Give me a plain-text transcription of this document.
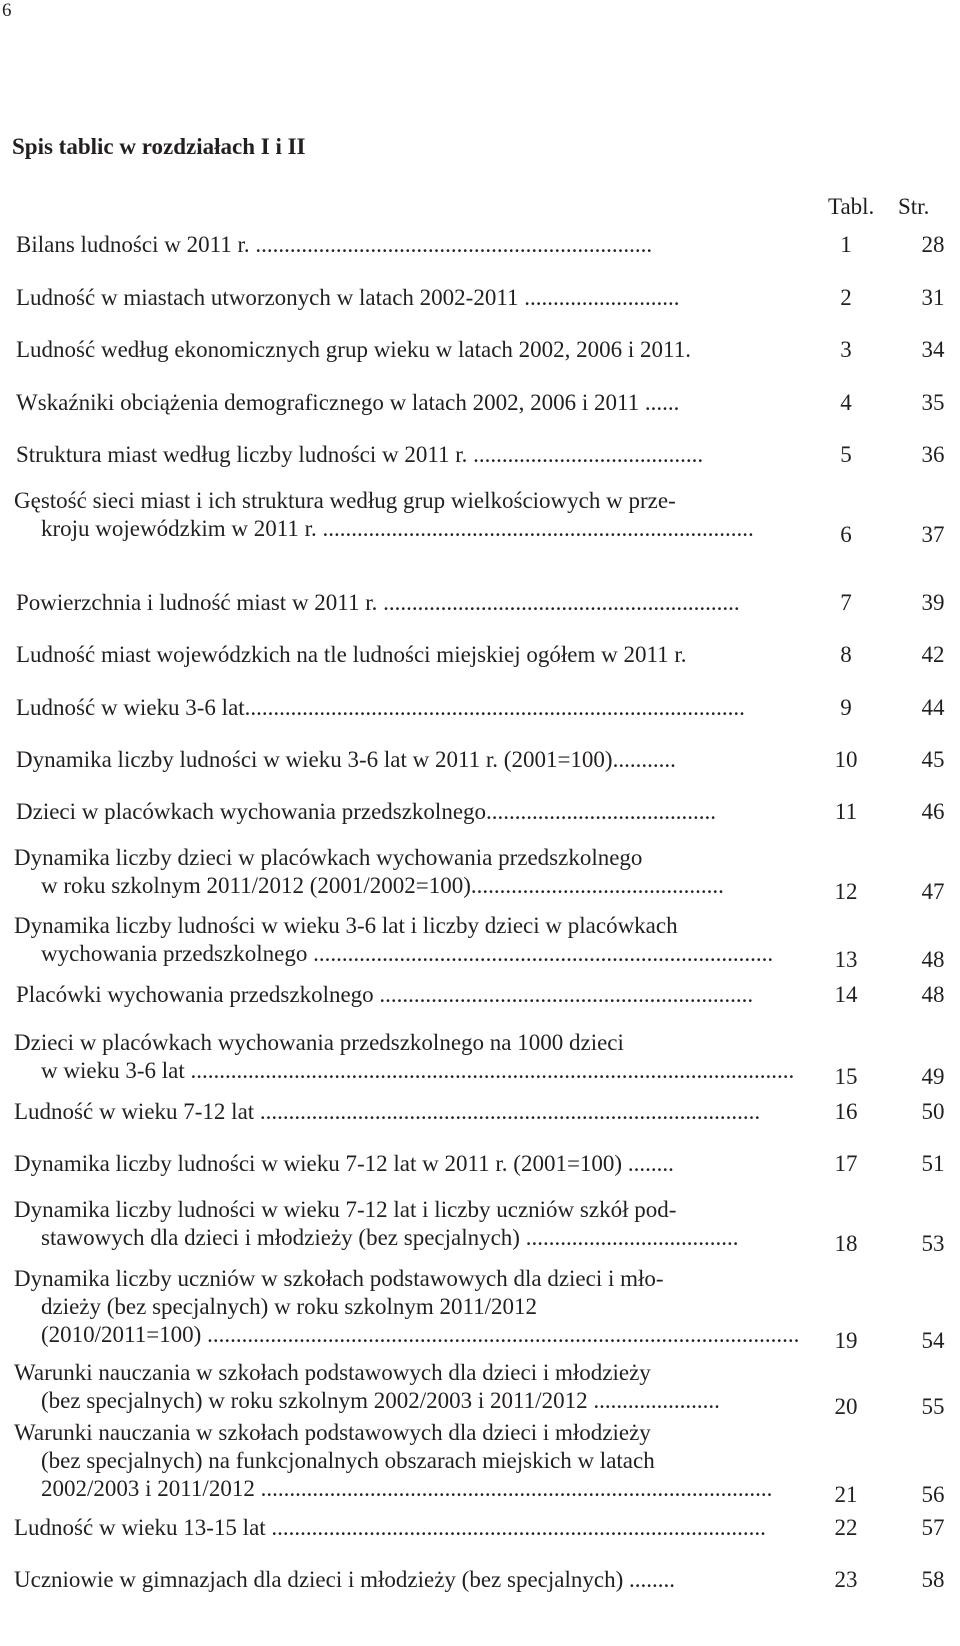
6
Spis tablic w rozdziałach I i II
Tabl. Str.
Bilans ludności w 2011 r. .....................................................................	1	28
Ludność w miastach utworzonych w latach 2002-2011 ...........................	2	31
Ludność według ekonomicznych grup wieku w latach 2002, 2006 i 2011.	3	34
Wskaźniki obciążenia demograficznego w latach 2002, 2006 i 2011 ......	4	35
Struktura miast według liczby ludności w 2011 r. ........................................	5	36
Gęstość sieci miast i ich struktura według grup wielkościowych w prze-
kroju wojewódzkim w 2011 r. ...........................................................................	6	37
Powierzchnia i ludność miast w 2011 r. ..............................................................	7	39
Ludność miast wojewódzkich na tle ludności miejskiej ogółem w 2011 r.	8	42
Ludność w wieku 3-6 lat.......................................................................................	9	44
Dynamika liczby ludności w wieku 3-6 lat w 2011 r. (2001=100)...........	10	45
Dzieci w placówkach wychowania przedszkolnego........................................	11	46
Dynamika liczby dzieci w placówkach wychowania przedszkolnego
w roku szkolnym 2011/2012 (2001/2002=100)............................................	12	47
Dynamika liczby ludności w wieku 3-6 lat i liczby dzieci w placówkach
wychowania przedszkolnego ................................................................................	13	48
Placówki wychowania przedszkolnego .................................................................	14	48
Dzieci w placówkach wychowania przedszkolnego na 1000 dzieci
w wieku 3-6 lat .........................................................................................................	15	49
Ludność w wieku 7-12 lat .......................................................................................	16	50
Dynamika liczby ludności w wieku 7-12 lat w 2011 r. (2001=100) ........	17	51
Dynamika liczby ludności w wieku 7-12 lat i liczby uczniów szkół pod-
stawowych dla dzieci i młodzieży (bez specjalnych) .....................................	18	53
Dynamika liczby uczniów w szkołach podstawowych dla dzieci i mło-
dzieży (bez specjalnych) w roku szkolnym 2011/2012
(2010/2011=100) .......................................................................................................	19	54
Warunki nauczania w szkołach podstawowych dla dzieci i młodzieży
(bez specjalnych) w roku szkolnym 2002/2003 i 2011/2012 ......................	20	55
Warunki nauczania w szkołach podstawowych dla dzieci i młodzieży
(bez specjalnych) na funkcjonalnych obszarach miejskich w latach
2002/2003 i 2011/2012 .........................................................................................	21	56
Ludność w wieku 13-15 lat ......................................................................................	22	57
Uczniowie w gimnazjach dla dzieci i młodzieży (bez specjalnych) ........	23	58
